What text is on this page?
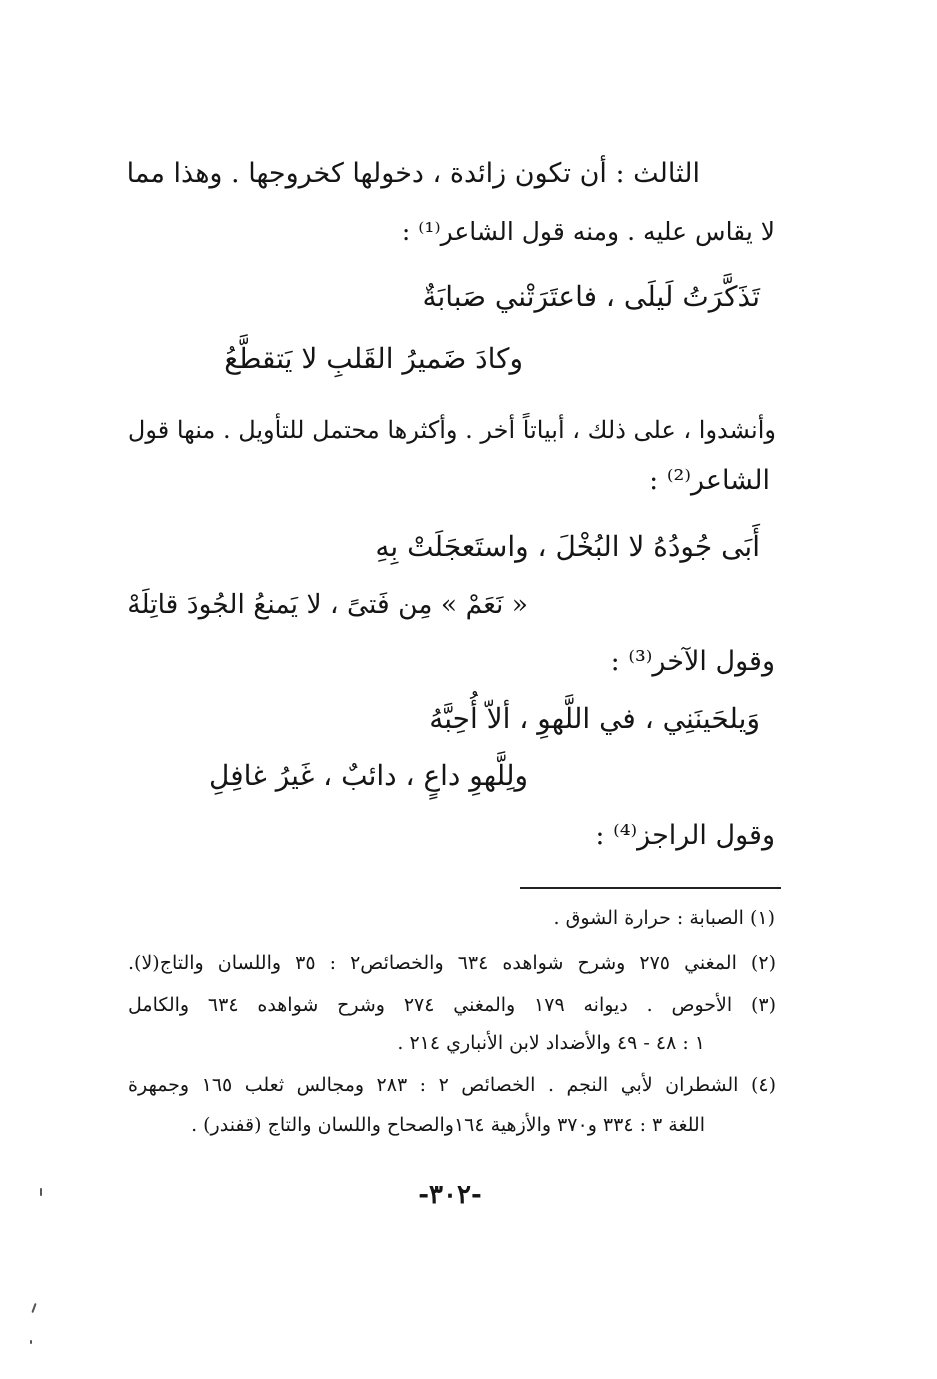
الثالث : أن تكون زائدة ، دخولها كخروجها . وهذا مما
لا يقاس عليه . ومنه قول الشاعر⁽¹⁾ :
تَذَكَّرَتُ لَيلَى ، فاعتَرَتْني صَبابَةٌ
وكادَ ضَميرُ القَلبِ لا يَتقطَّعُ
وأنشدوا ، على ذلك ، أبياتاً أخر . وأكثرها محتمل للتأويل . منها قول
الشاعر⁽²⁾ :
أَبَى جُودُهُ لا البُخْلَ ، واستَعجَلَتْ بِهِ
« نَعَمْ » مِن فَتىً ، لا يَمنعُ الجُودَ قاتِلَهْ
وقول الآخر⁽³⁾ :
وَيلحَينَنِي ، في اللَّهوِ ، ألاّ أُحِبَّهُ
ولِلَّهوِ داعٍ ، دائبٌ ، غَيرُ غافِلِ
وقول الراجز⁽⁴⁾ :
(١) الصبابة : حرارة الشوق .
(٢) المغني ٢٧٥ وشرح شواهده ٦٣٤ والخصائص٢ : ٣٥ واللسان والتاج(لا).
(٣) الأحوص . ديوانه ١٧٩ والمغني ٢٧٤ وشرح شواهده ٦٣٤ والكامل
١ : ٤٨ - ٤٩ والأضداد لابن الأنباري ٢١٤ .
(٤) الشطران لأبي النجم . الخصائص ٢ : ٢٨٣ ومجالس ثعلب ١٦٥ وجمهرة
اللغة ٣ : ٣٣٤ و٣٧٠ والأزهية ١٦٤والصحاح واللسان والتاج (قفندر) .
-٣٠٢-
